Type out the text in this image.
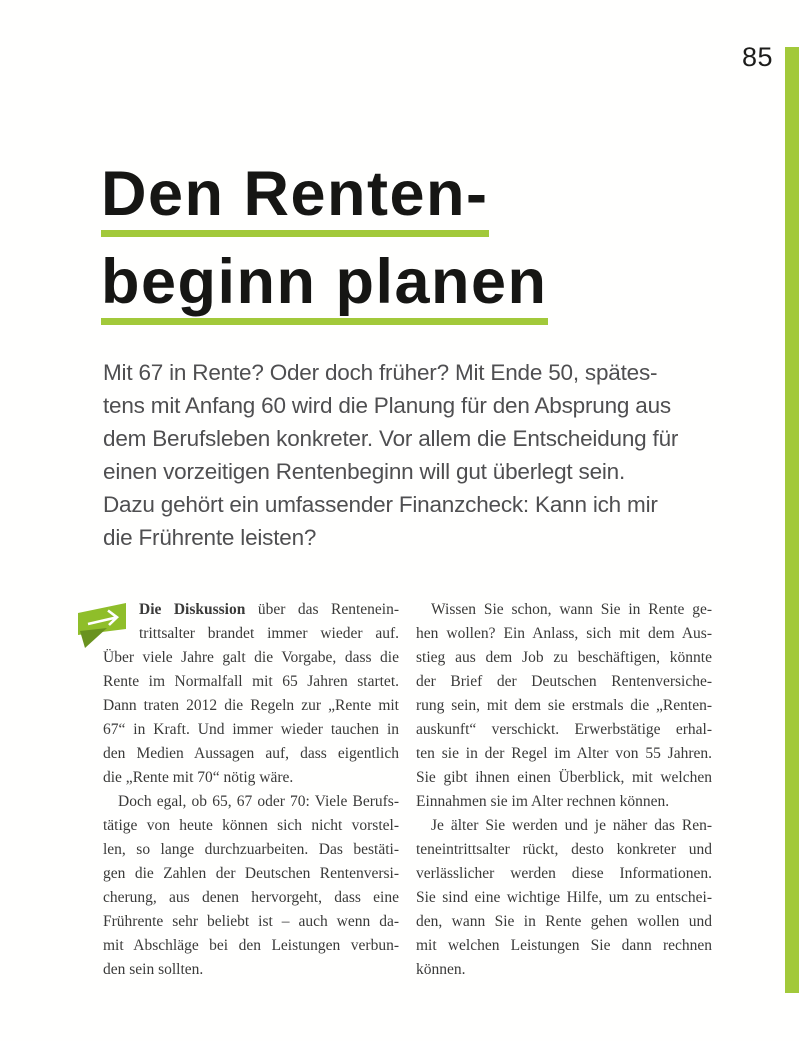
85
Den Renten-
beginn planen
Mit 67 in Rente? Oder doch früher? Mit Ende 50, spätes-
tens mit Anfang 60 wird die Planung für den Absprung aus
dem Berufsleben konkreter. Vor allem die Entscheidung für
einen vorzeitigen Rentenbeginn will gut überlegt sein.
Dazu gehört ein umfassender Finanzcheck: Kann ich mir
die Frührente leisten?
Die Diskussion über das Rentenein-
trittsalter brandet immer wieder auf.
Über viele Jahre galt die Vorgabe, dass die
Rente im Normalfall mit 65 Jahren startet.
Dann traten 2012 die Regeln zur „Rente mit
67“ in Kraft. Und immer wieder tauchen in
den Medien Aussagen auf, dass eigentlich
die „Rente mit 70“ nötig wäre.
Doch egal, ob 65, 67 oder 70: Viele Berufs-
tätige von heute können sich nicht vorstel-
len, so lange durchzuarbeiten. Das bestäti-
gen die Zahlen der Deutschen Rentenversi-
cherung, aus denen hervorgeht, dass eine
Frührente sehr beliebt ist – auch wenn da-
mit Abschläge bei den Leistungen verbun-
den sein sollten.
Wissen Sie schon, wann Sie in Rente ge-
hen wollen? Ein Anlass, sich mit dem Aus-
stieg aus dem Job zu beschäftigen, könnte
der Brief der Deutschen Rentenversiche-
rung sein, mit dem sie erstmals die „Renten-
auskunft“ verschickt. Erwerbstätige erhal-
ten sie in der Regel im Alter von 55 Jahren.
Sie gibt ihnen einen Überblick, mit welchen
Einnahmen sie im Alter rechnen können.
Je älter Sie werden und je näher das Ren-
teneintrittsalter rückt, desto konkreter und
verlässlicher werden diese Informationen.
Sie sind eine wichtige Hilfe, um zu entschei-
den, wann Sie in Rente gehen wollen und
mit welchen Leistungen Sie dann rechnen
können.
